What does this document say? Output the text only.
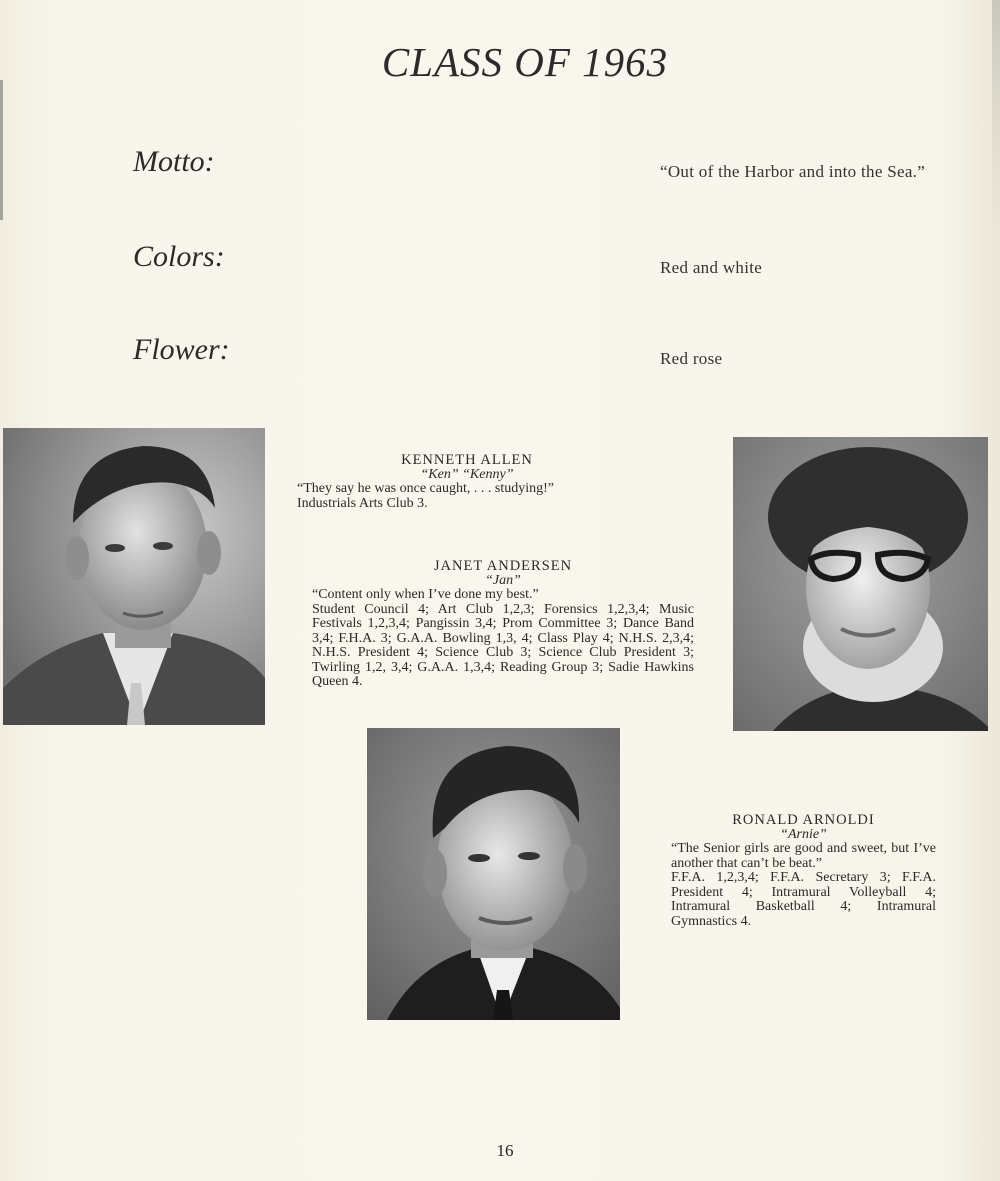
CLASS OF 1963
Motto:	“Out of the Harbor and into the Sea.”
Colors:	Red and white
Flower:	Red rose
KENNETH ALLEN
“Ken” “Kenny”
“They say he was once caught, . . . studying!”
Industrials Arts Club 3.
JANET ANDERSEN
“Jan”
“Content only when I’ve done my best.”
Student Council 4; Art Club 1,2,3; Forensics 1,2,3,4; Music Festivals 1,2,3,4; Pangissin 3,4; Prom Committee 3; Dance Band 3,4; F.H.A. 3; G.A.A. Bowling 1,3, 4; Class Play 4; N.H.S. 2,3,4; N.H.S. President 4; Science Club 3; Science Club President 3; Twirling 1,2, 3,4; G.A.A. 1,3,4; Reading Group 3; Sadie Hawkins Queen 4.
RONALD ARNOLDI
“Arnie”
“The Senior girls are good and sweet, but I’ve another that can’t be beat.”
F.F.A. 1,2,3,4; F.F.A. Secretary 3; F.F.A. President 4; Intramural Volleyball 4; Intramural Basketball 4; Intramural Gymnastics 4.
16
